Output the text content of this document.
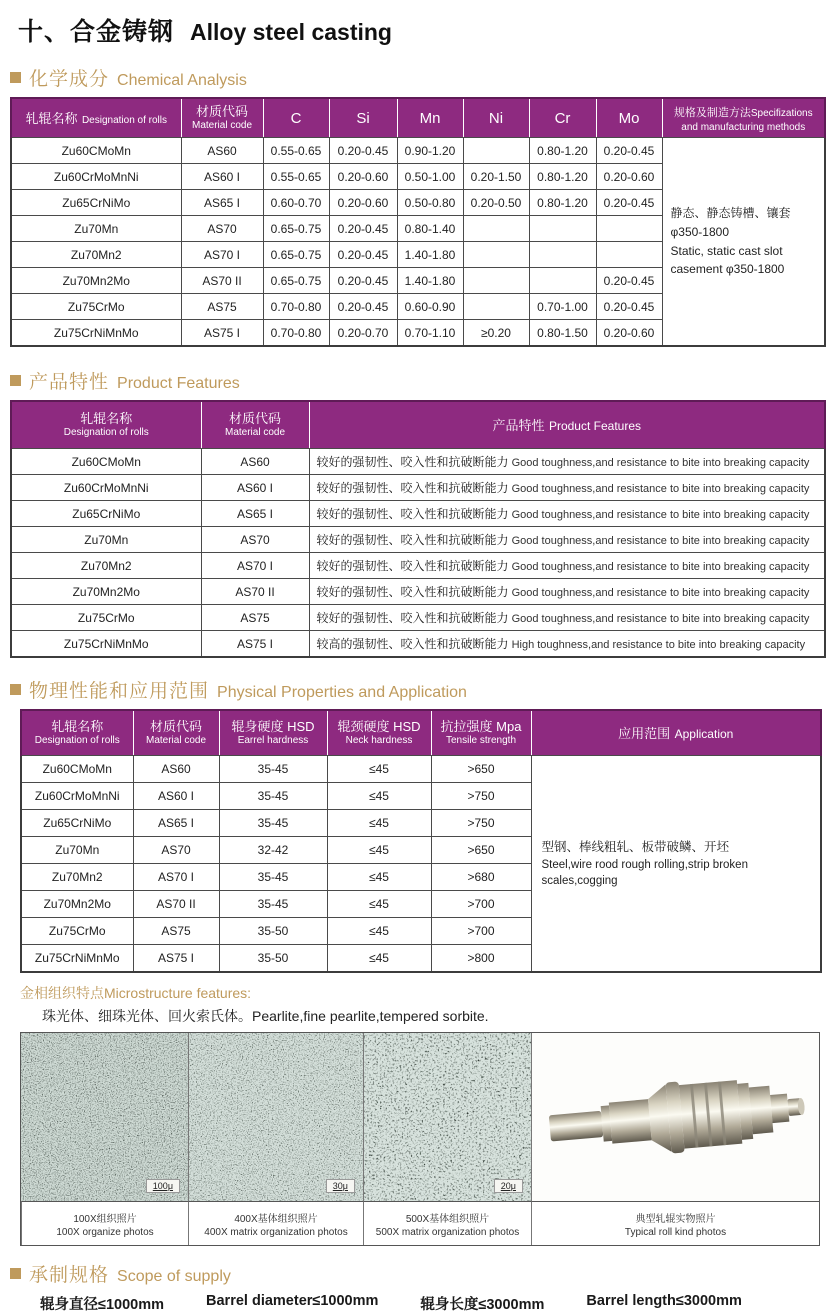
十、合金铸钢 Alloy steel casting
化学成分 Chemical Analysis
轧辊名称 Designation of rolls	
材质代码
Material code	C	Si	Mn	Ni	Cr	Mo	规格及制造方法Specifizations
and manufacturing methods

Zu60CMoMn	AS60	0.55-0.65	0.20-0.45	0.90-1.20		0.80-1.20	0.20-0.45	静态、静态铸槽、镶套
φ350-1800
Static, static cast slot
casement φ350-1800

Zu60CrMoMnNi	AS60 I	0.55-0.65	0.20-0.60	0.50-1.00	0.20-1.50	0.80-1.20	0.20-0.60	
Zu65CrNiMo	AS65 I	0.60-0.70	0.20-0.60	0.50-0.80	0.20-0.50	0.80-1.20	0.20-0.45	
Zu70Mn	AS70	0.65-0.75	0.20-0.45	0.80-1.40				
Zu70Mn2	AS70 I	0.65-0.75	0.20-0.45	1.40-1.80				
Zu70Mn2Mo	AS70 II	0.65-0.75	0.20-0.45	1.40-1.80			0.20-0.45	
Zu75CrMo	AS75	0.70-0.80	0.20-0.45	0.60-0.90		0.70-1.00	0.20-0.45	
Zu75CrNiMnMo	AS75 I	0.70-0.80	0.20-0.70	0.70-1.10	≥0.20	0.80-1.50	0.20-0.60	
产品特性 Product Features
轧辊名称
Designation of rolls

材质代码
Material code	产品特性 Product Features
Zu60CMoMn	AS60	较好的强韧性、咬入性和抗破断能力 Good toughness,and resistance to bite into breaking capacity
Zu60CrMoMnNi	AS60 I	较好的强韧性、咬入性和抗破断能力 Good toughness,and resistance to bite into breaking capacity
Zu65CrNiMo	AS65 I	较好的强韧性、咬入性和抗破断能力 Good toughness,and resistance to bite into breaking capacity
Zu70Mn	AS70	较好的强韧性、咬入性和抗破断能力 Good toughness,and resistance to bite into breaking capacity
Zu70Mn2	AS70 I	较好的强韧性、咬入性和抗破断能力 Good toughness,and resistance to bite into breaking capacity
Zu70Mn2Mo	AS70 II	较好的强韧性、咬入性和抗破断能力 Good toughness,and resistance to bite into breaking capacity
Zu75CrMo	AS75	较好的强韧性、咬入性和抗破断能力 Good toughness,and resistance to bite into breaking capacity
Zu75CrNiMnMo	AS75 I	较高的强韧性、咬入性和抗破断能力 High toughness,and resistance to bite into breaking capacity
物理性能和应用范围 Physical Properties and Application
轧辊名称
Designation of rolls

材质代码
Material code

辊身硬度 HSD
Earrel hardness

辊颈硬度 HSD
Neck hardness

抗拉强度 Mpa
Tensile strength	应用范围 Application
Zu60CMoMn	AS60	35-45	≤45	>650	型钢、棒线粗轧、板带破鳞、开坯
Steel,wire rood rough rolling,strip broken scales,cogging

Zu60CrMoMnNi	AS60 I	35-45	≤45	>750	
Zu65CrNiMo	AS65 I	35-45	≤45	>750	
Zu70Mn	AS70	32-42	≤45	>650	
Zu70Mn2	AS70 I	35-45	≤45	>680	
Zu70Mn2Mo	AS70 II	35-45	≤45	>700	
Zu75CrMo	AS75	35-50	≤45	>700	
Zu75CrNiMnMo	AS75 I	35-50	≤45	>800	
金相组织特点Microstructure features:
珠光体、细珠光体、回火索氏体。Pearlite,fine pearlite,tempered sorbite.
100μ	30μ	20μ
100X组织照片
100X organize photos
400X基体组织照片
400X matrix organization photos
500X基体组织照片
500X matrix organization photos
典型轧辊实物照片
Typical roll kind photos
承制规格 Scope of supply
辊身直径≤1000mm	Barrel diameter≤1000mm	辊身长度≤3000mm	Barrel length≤3000mm
